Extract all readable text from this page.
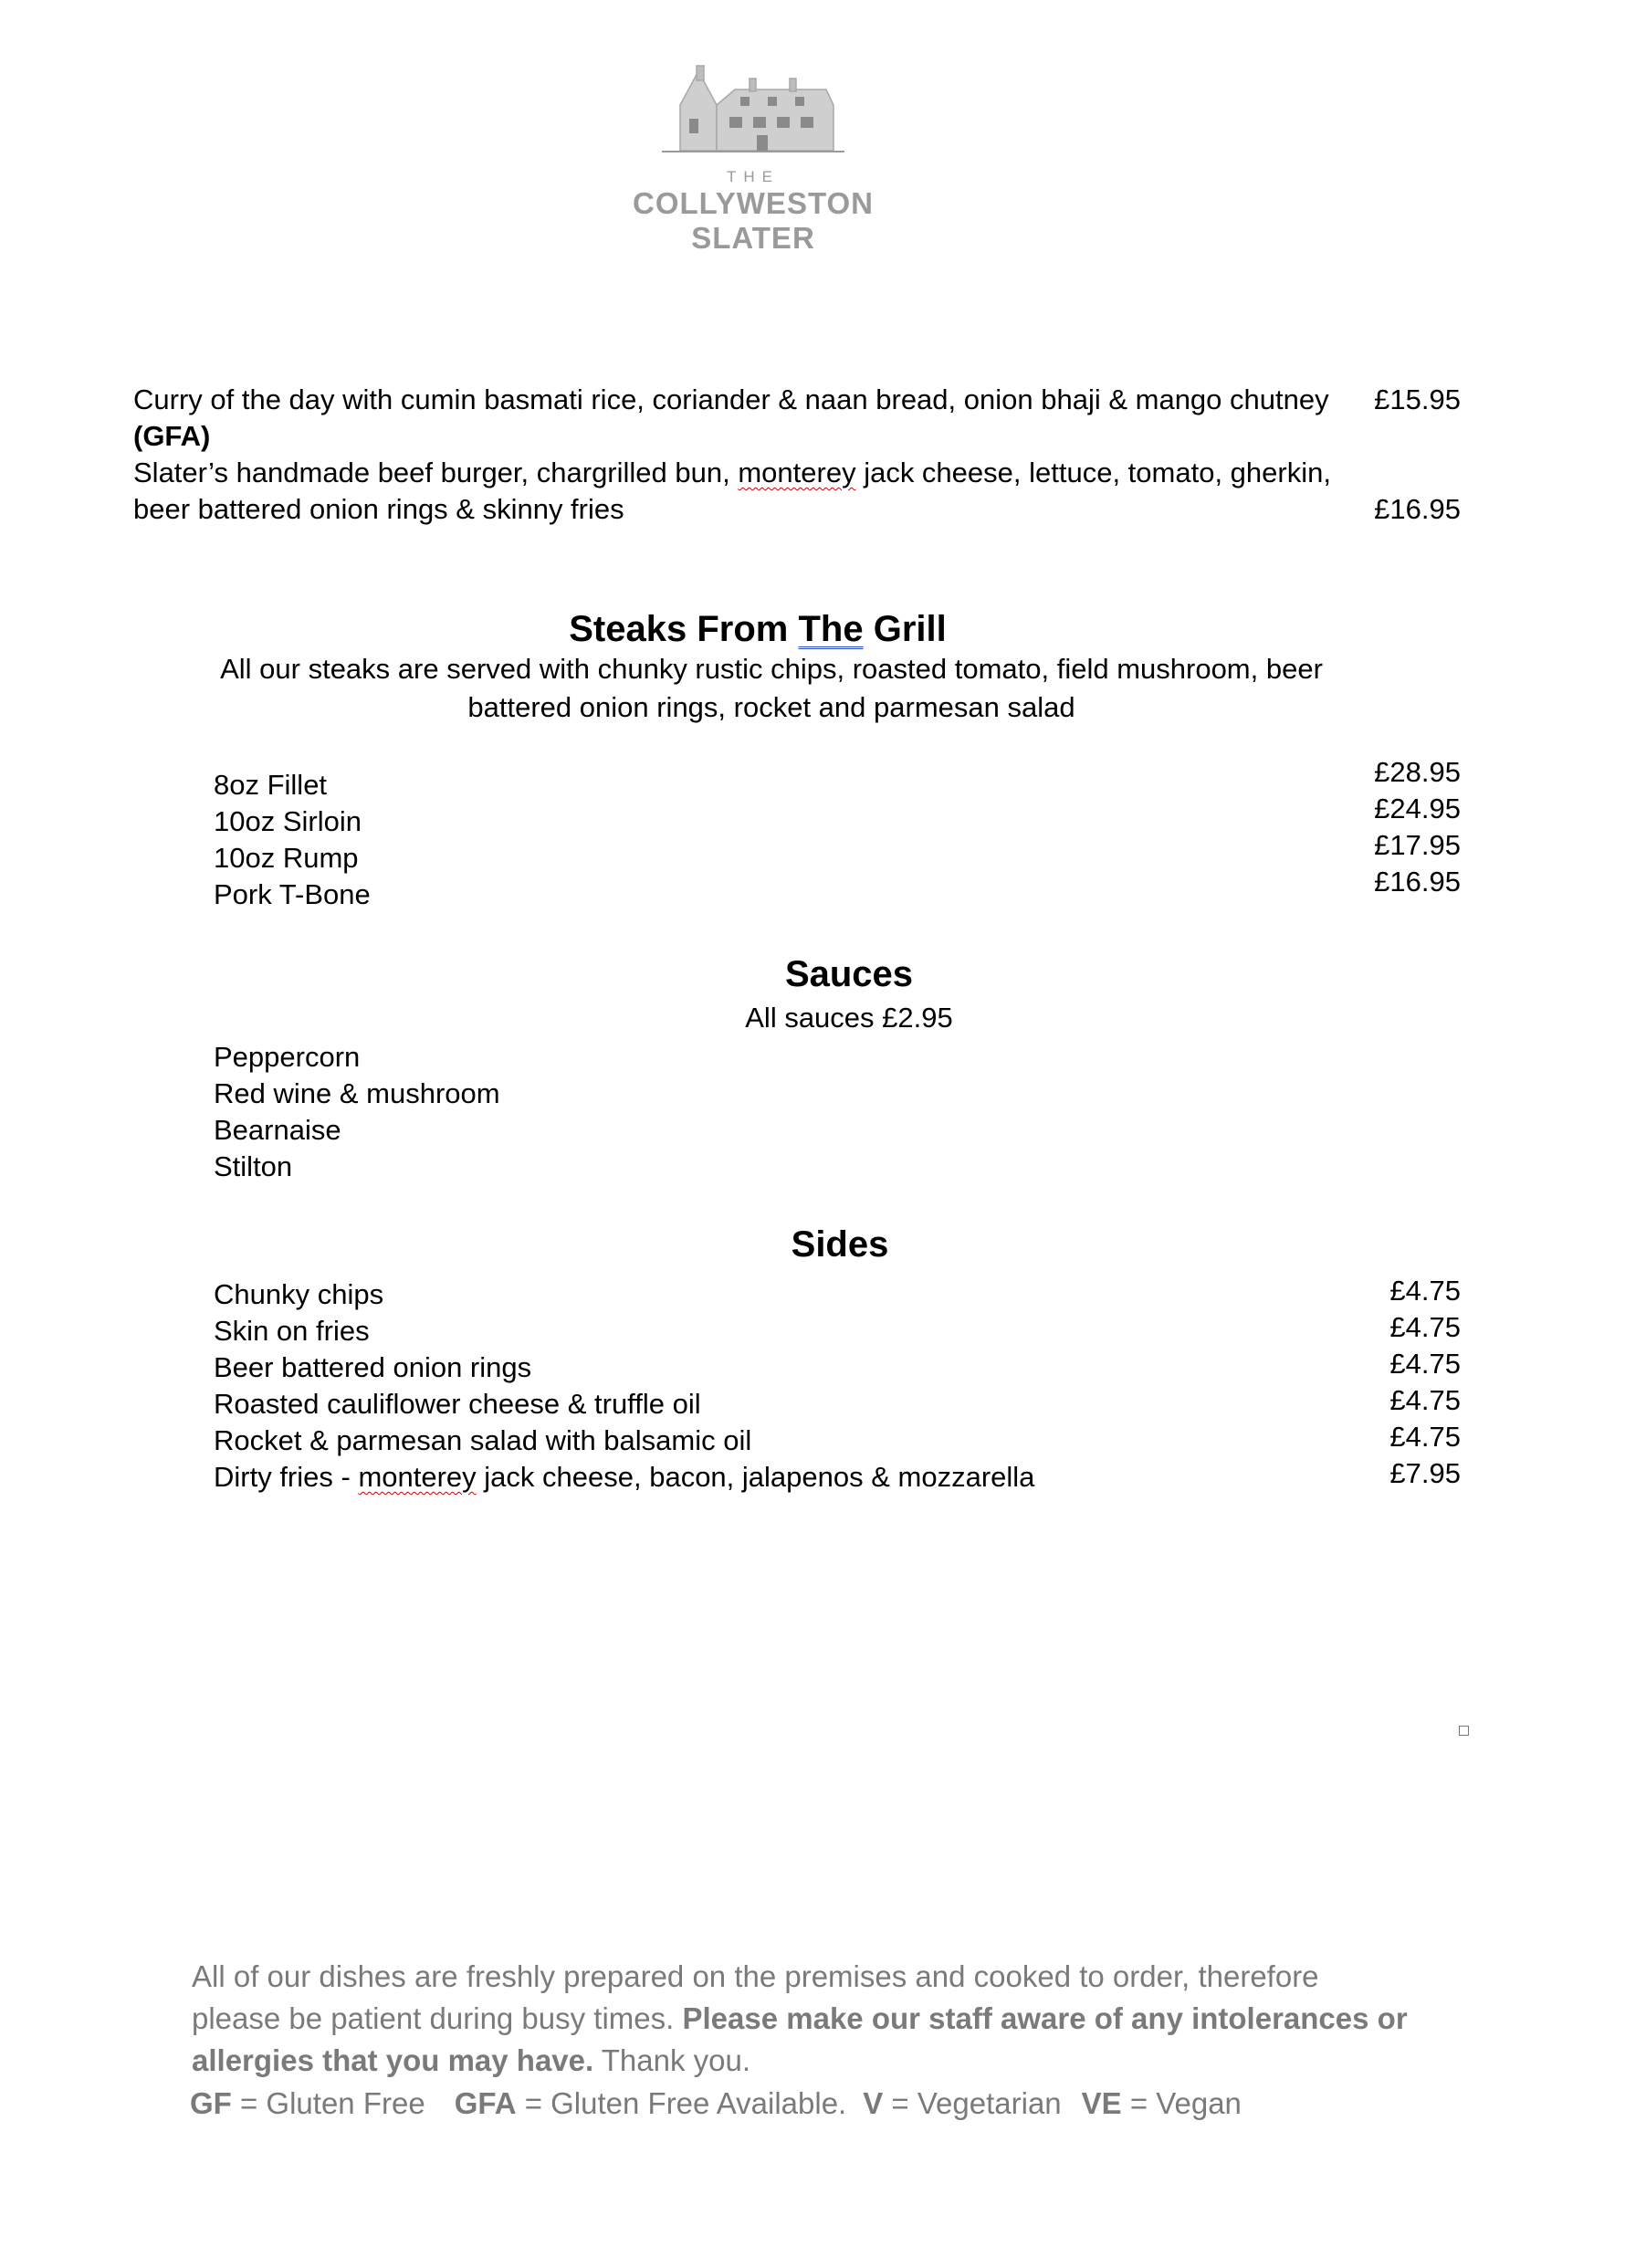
THE
COLLYWESTON
SLATER
Curry of the day with cumin basmati rice, coriander & naan bread, onion bhaji & mango chutney £15.95
(GFA)
Slater’s handmade beef burger, chargrilled bun, monterey jack cheese, lettuce, tomato, gherkin,
beer battered onion rings & skinny fries	£16.95
Steaks From The Grill
All our steaks are served with chunky rustic chips, roasted tomato, field mushroom, beer
battered onion rings, rocket and parmesan salad
8oz Fillet
10oz Sirloin
10oz Rump
Pork T-Bone
£28.95
£24.95
£17.95
£16.95
Sauces
All sauces £2.95
Peppercorn
Red wine & mushroom
Bearnaise
Stilton
Sides
Chunky chips
Skin on fries
Beer battered onion rings
Roasted cauliflower cheese & truffle oil
Rocket & parmesan salad with balsamic oil
Dirty fries - monterey jack cheese, bacon, jalapenos & mozzarella
£4.75
£4.75
£4.75
£4.75
£4.75
£7.95
All of our dishes are freshly prepared on the premises and cooked to order, therefore
please be patient during busy times. Please make our staff aware of any intolerances or
allergies that you may have. Thank you.
GF = Gluten Free GFA = Gluten Free Available. V = Vegetarian VE = Vegan
